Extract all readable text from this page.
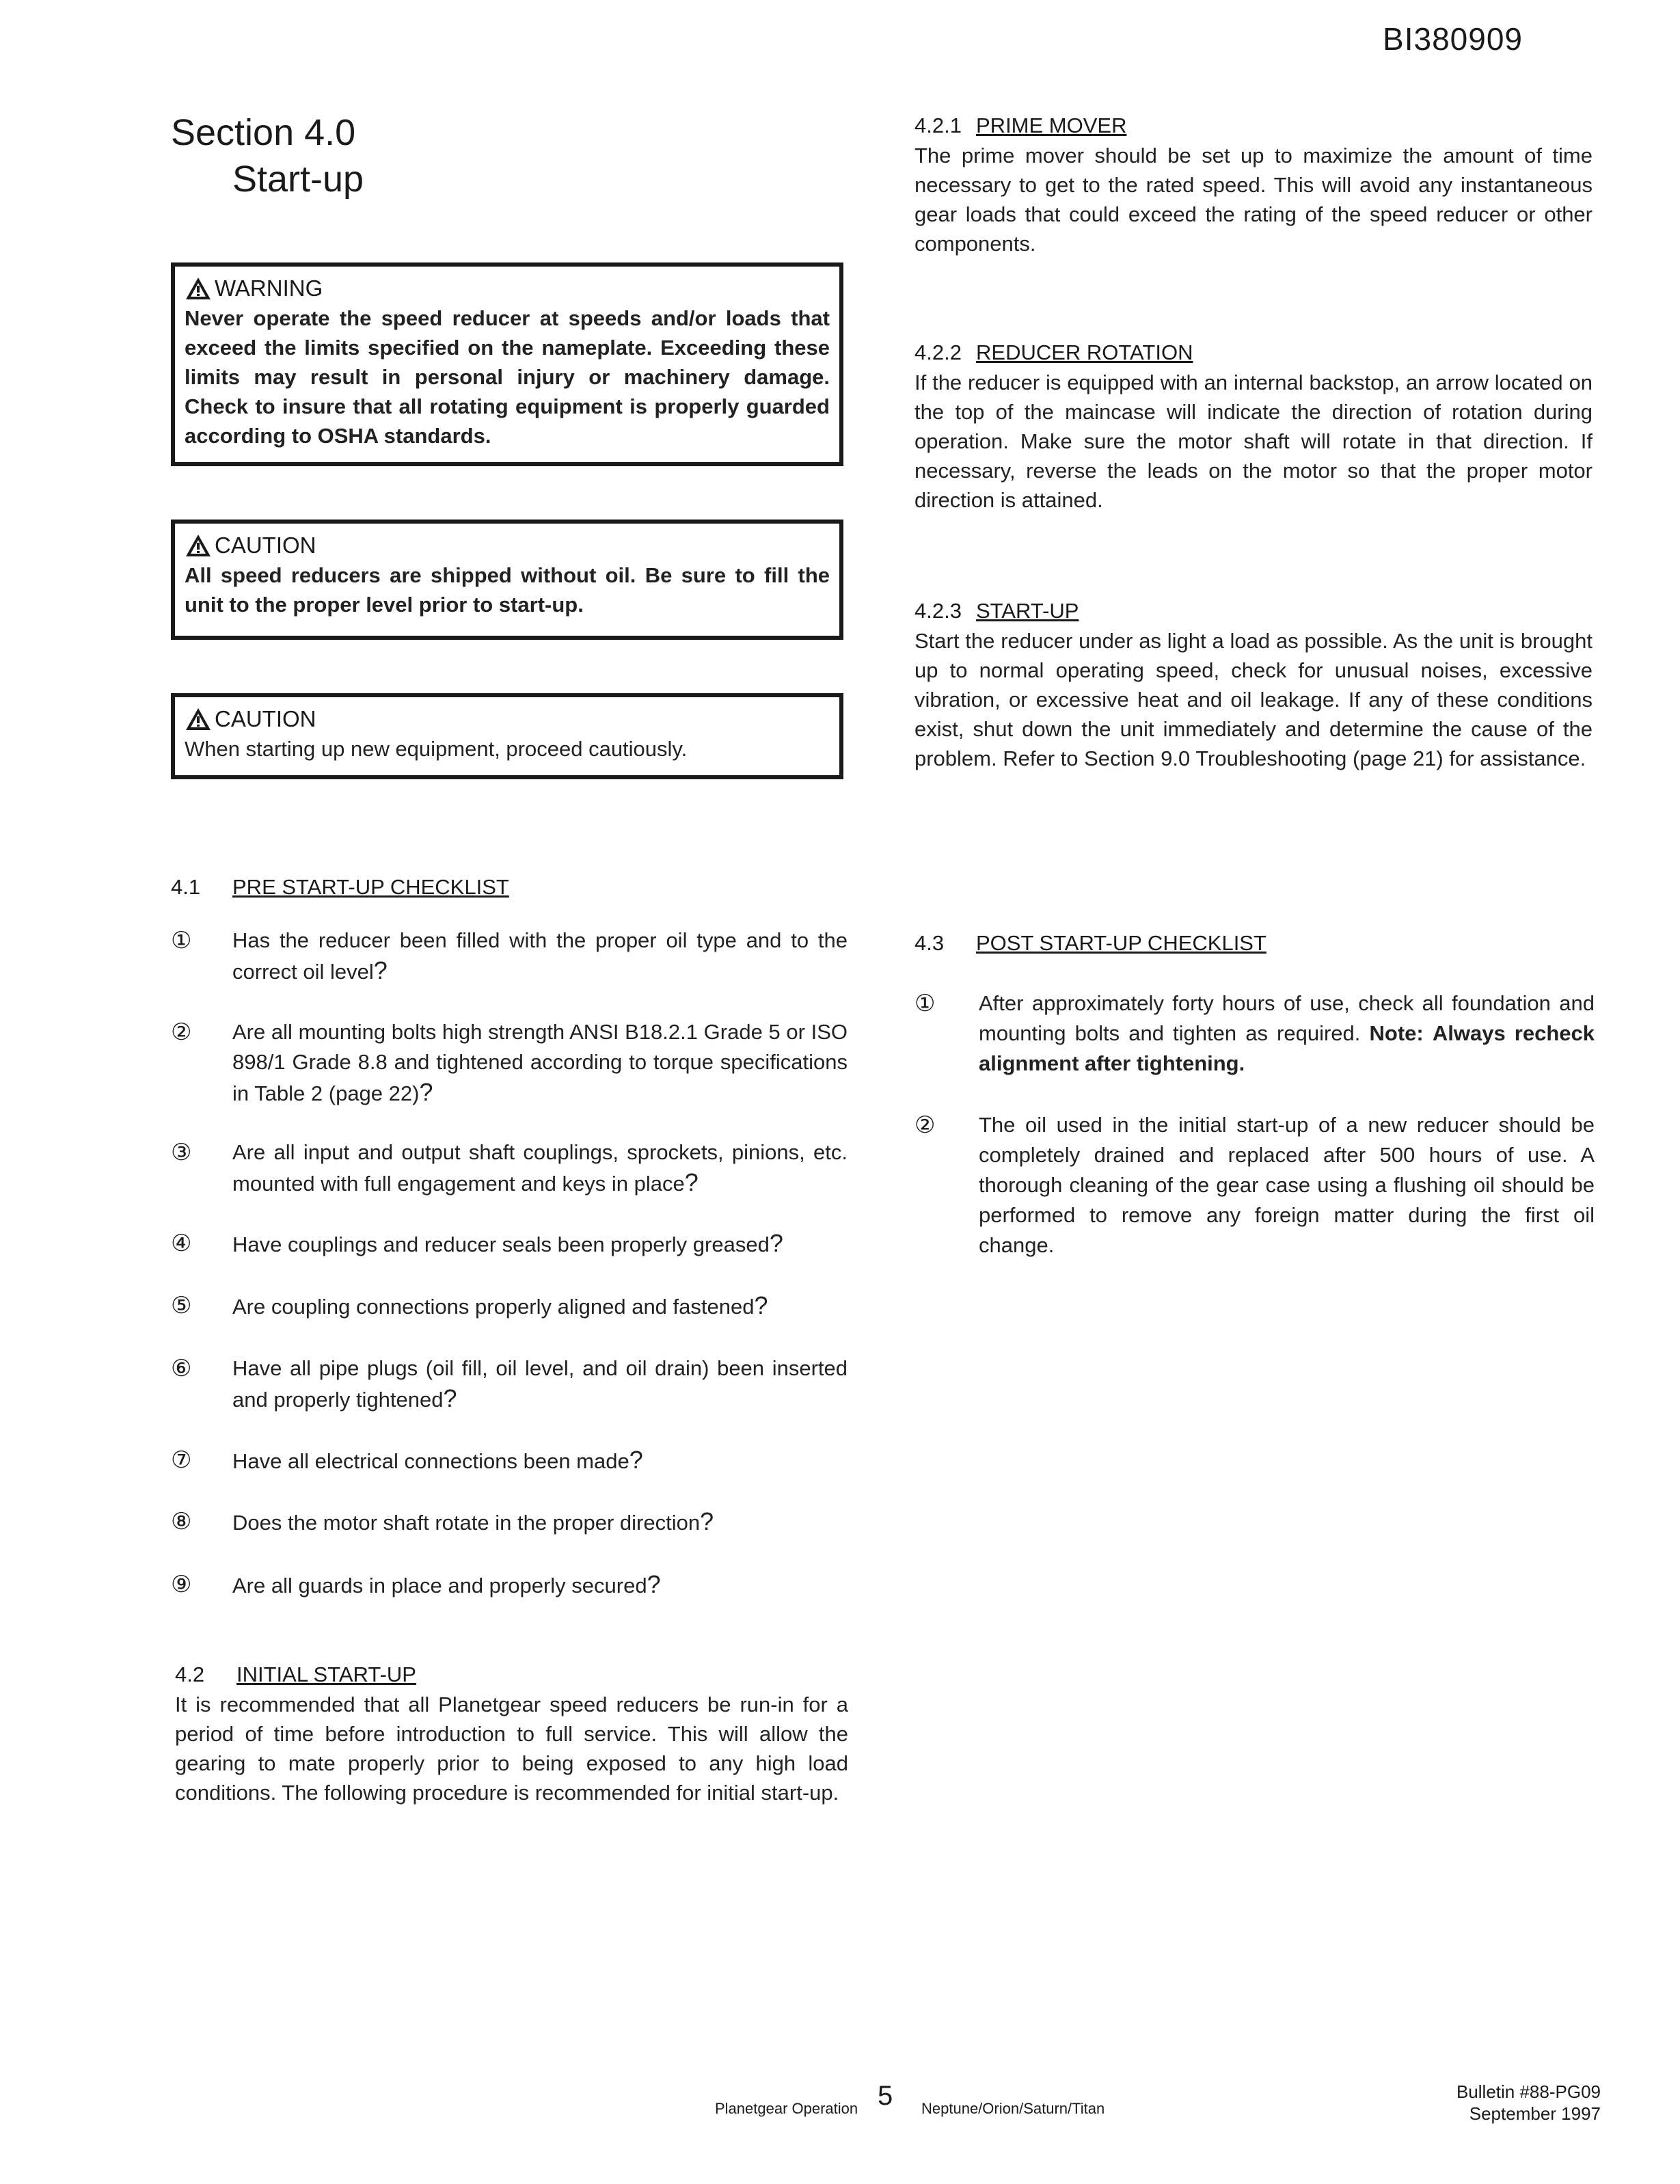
BI380909
Section 4.0
Start-up
WARNING
Never operate the speed reducer at speeds and/or loads that exceed the limits specified on the nameplate. Exceeding these limits may result in personal injury or machinery damage. Check to insure that all rotating equipment is properly guarded according to OSHA standards.
CAUTION
All speed reducers are shipped without oil. Be sure to fill the unit to the proper level prior to start-up.
CAUTION
When starting up new equipment, proceed cautiously.
4.1 PRE START-UP CHECKLIST
①	Has the reducer been filled with the proper oil type and to the correct oil level?
②	Are all mounting bolts high strength ANSI B18.2.1 Grade 5 or ISO 898/1 Grade 8.8 and tightened according to torque specifications in Table 2 (page 22)?
③	Are all input and output shaft couplings, sprockets, pinions, etc. mounted with full engagement and keys in place?
④	Have couplings and reducer seals been properly greased?
⑤	Are coupling connections properly aligned and fastened?
⑥	Have all pipe plugs (oil fill, oil level, and oil drain) been inserted and properly tightened?
⑦	Have all electrical connections been made?
⑧	Does the motor shaft rotate in the proper direction?
⑨	Are all guards in place and properly secured?
4.2 INITIAL START-UP
It is recommended that all Planetgear speed reducers be run-in for a period of time before introduction to full service. This will allow the gearing to mate properly prior to being exposed to any high load conditions. The following procedure is recommended for initial start-up.
4.2.1 PRIME MOVER
The prime mover should be set up to maximize the amount of time necessary to get to the rated speed. This will avoid any instantaneous gear loads that could exceed the rating of the speed reducer or other components.
4.2.2 REDUCER ROTATION
If the reducer is equipped with an internal backstop, an arrow located on the top of the maincase will indicate the direction of rotation during operation. Make sure the motor shaft will rotate in that direction. If necessary, reverse the leads on the motor so that the proper motor direction is attained.
4.2.3 START-UP
Start the reducer under as light a load as possible. As the unit is brought up to normal operating speed, check for unusual noises, excessive vibration, or excessive heat and oil leakage. If any of these conditions exist, shut down the unit immediately and determine the cause of the problem. Refer to Section 9.0 Troubleshooting (page 21) for assistance.
4.3 POST START-UP CHECKLIST
①	After approximately forty hours of use, check all foundation and mounting bolts and tighten as required. Note: Always recheck alignment after tightening.
②	The oil used in the initial start-up of a new reducer should be completely drained and replaced after 500 hours of use. A thorough cleaning of the gear case using a flushing oil should be performed to remove any foreign matter during the first oil change.
Planetgear Operation 5 Neptune/Orion/Saturn/Titan
Bulletin #88-PG09
September 1997
